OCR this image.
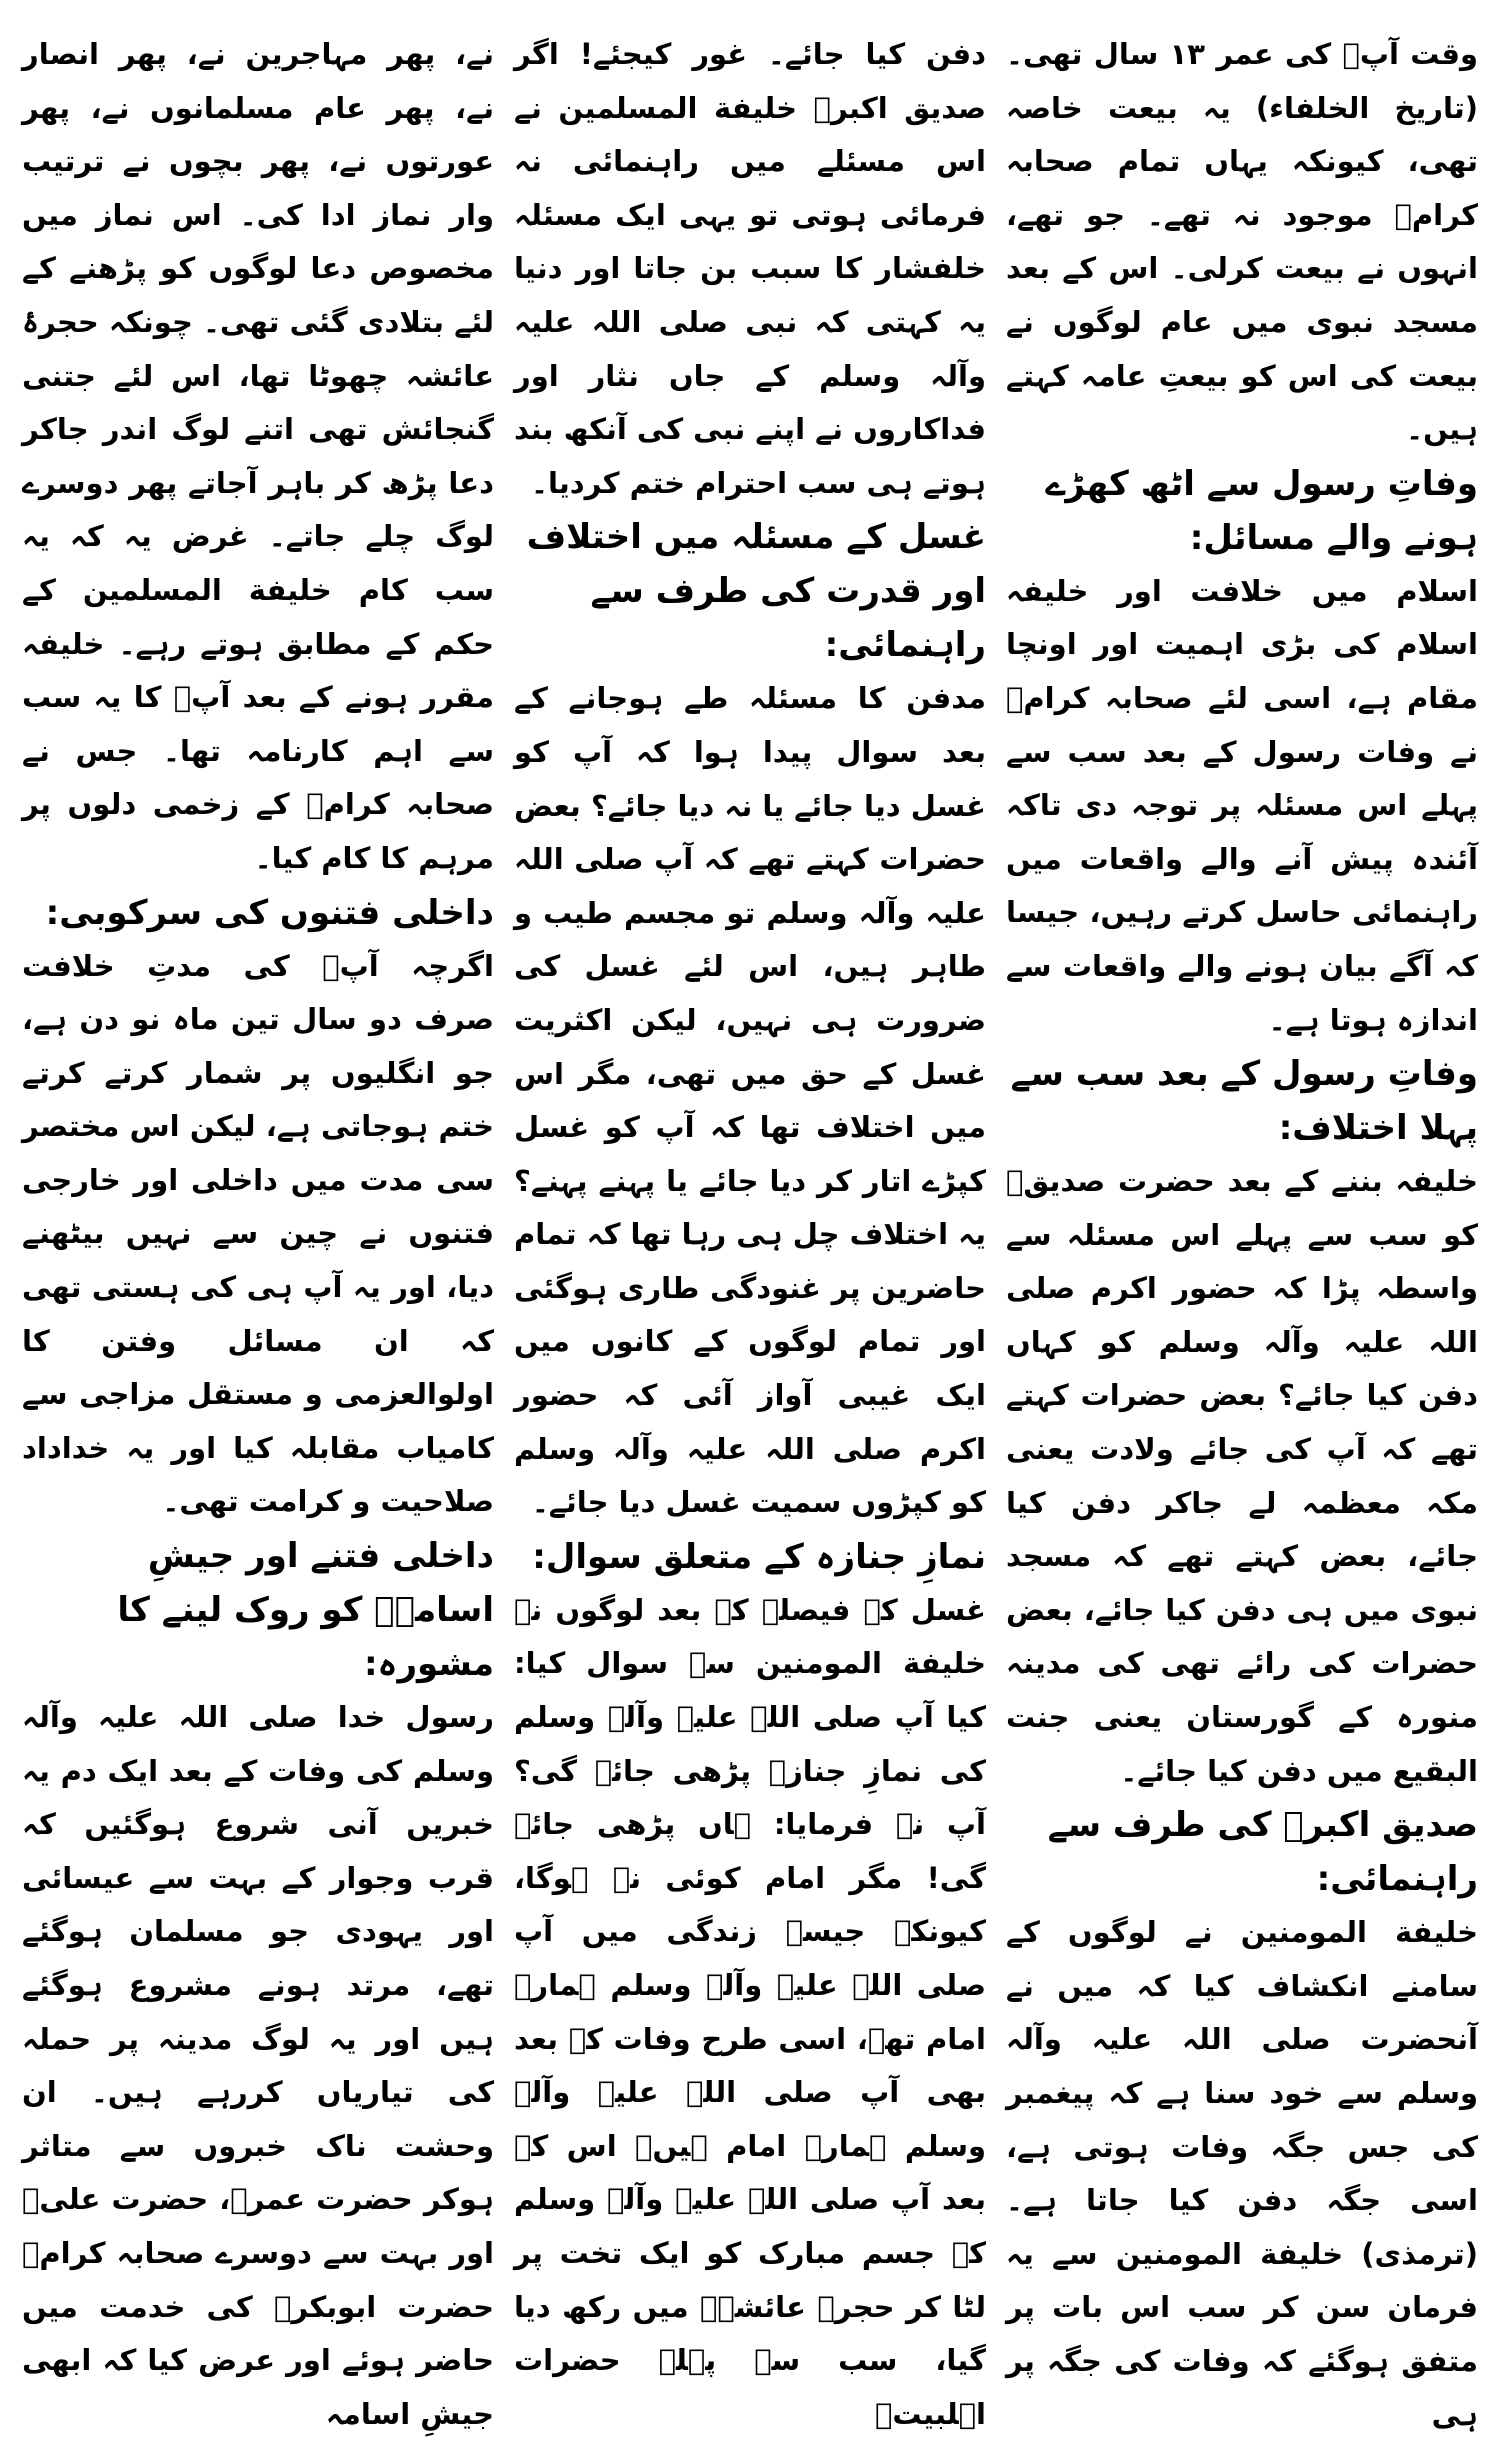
وقت آپؓ کی عمر ۱۳ سال تھی۔ (تاریخ الخلفاء) یہ بیعت خاصہ تھی، کیونکہ یہاں تمام صحابہ کرامؓ موجود نہ تھے۔ جو تھے، انہوں نے بیعت کرلی۔ اس کے بعد مسجد نبوی میں عام لوگوں نے بیعت کی اس کو بیعتِ عامہ کہتے ہیں۔

وفاتِ رسول سے اٹھ کھڑے ہونے والے مسائل:

اسلام میں خلافت اور خلیفہ اسلام کی بڑی اہمیت اور اونچا مقام ہے، اسی لئے صحابہ کرامؓ نے وفات رسول کے بعد سب سے پہلے اس مسئلہ پر توجہ دی تاکہ آئندہ پیش آنے والے واقعات میں راہنمائی حاسل کرتے رہیں، جیسا کہ آگے بیان ہونے والے واقعات سے اندازہ ہوتا ہے۔

وفاتِ رسول کے بعد سب سے پہلا اختلاف:

خلیفہ بننے کے بعد حضرت صدیقؓ کو سب سے پہلے اس مسئلہ سے واسطہ پڑا کہ حضور اکرم صلی اللہ علیہ وآلہ وسلم کو کہاں دفن کیا جائے؟ بعض حضرات کہتے تھے کہ آپ کی جائے ولادت یعنی مکہ معظمہ لے جاکر دفن کیا جائے، بعض کہتے تھے کہ مسجد نبوی میں ہی دفن کیا جائے، بعض حضرات کی رائے تھی کی مدینہ منورہ کے گورستان یعنی جنت البقیع میں دفن کیا جائے۔

صدیق اکبرؓ کی طرف سے راہنمائی:

خلیفة المومنین نے لوگوں کے سامنے انکشاف کیا کہ میں نے آنحضرت صلی اللہ علیہ وآلہ وسلم سے خود سنا ہے کہ پیغمبر کی جس جگہ وفات ہوتی ہے، اسی جگہ دفن کیا جاتا ہے۔ (ترمذی) خلیفة المومنین سے یہ فرمان سن کر سب اس بات پر متفق ہوگئے کہ وفات کی جگہ پر ہی

دفن کیا جائے۔ غور کیجئے! اگر صدیق اکبرؓ خلیفة المسلمین نے اس مسئلے میں راہنمائی نہ فرمائی ہوتی تو یہی ایک مسئلہ خلفشار کا سبب بن جاتا اور دنیا یہ کہتی کہ نبی صلی اللہ علیہ وآلہ وسلم کے جاں نثار اور فداکاروں نے اپنے نبی کی آنکھ بند ہوتے ہی سب احترام ختم کردیا۔

غسل کے مسئلہ میں اختلاف اور قدرت کی طرف سے راہنمائی:

مدفن کا مسئلہ طے ہوجانے کے بعد سوال پیدا ہوا کہ آپ کو غسل دیا جائے یا نہ دیا جائے؟ بعض حضرات کہتے تھے کہ آپ صلی اللہ علیہ وآلہ وسلم تو مجسم طیب و طاہر ہیں، اس لئے غسل کی ضرورت ہی نہیں، لیکن اکثریت غسل کے حق میں تھی، مگر اس میں اختلاف تھا کہ آپ کو غسل کپڑے اتار کر دیا جائے یا پہنے پہنے؟ یہ اختلاف چل ہی رہا تھا کہ تمام حاضرین پر غنودگی طاری ہوگئی اور تمام لوگوں کے کانوں میں ایک غیبی آواز آئی کہ حضور اکرم صلی اللہ علیہ وآلہ وسلم کو کپڑوں سمیت غسل دیا جائے۔

نمازِ جنازہ کے متعلق سوال:

غسل کے فیصلہ کے بعد لوگوں نے خلیفة المومنین سے سوال کیا: کیا آپ صلی اللہ علیہ وآلہ وسلم کی نمازِ جنازہ پڑھی جائے گی؟ آپ نے فرمایا: ہاں پڑھی جائے گی! مگر امام کوئی نہ ہوگا، کیونکہ جیسے زندگی میں آپ صلی اللہ علیہ وآلہ وسلم ہمارے امام تھے، اسی طرح وفات کے بعد بھی آپ صلی اللہ علیہ وآلہ وسلم ہمارے امام ہیں۔ اس کے بعد آپ صلی اللہ علیہ وآلہ وسلم کے جسم مبارک کو ایک تخت پر لٹا کر حجرۂ عائشہؓ میں رکھ دیا گیا، سب سے پہلے حضرات اہلبیتؓ

نے، پھر مہاجرین نے، پھر انصار نے، پھر عام مسلمانوں نے، پھر عورتوں نے، پھر بچوں نے ترتیب وار نماز ادا کی۔ اس نماز میں مخصوص دعا لوگوں کو پڑھنے کے لئے بتلادی گئی تھی۔ چونکہ حجرۂ عائشہ چھوٹا تھا، اس لئے جتنی گنجائش تھی اتنے لوگ اندر جاکر دعا پڑھ کر باہر آجاتے پھر دوسرے لوگ چلے جاتے۔ غرض یہ کہ یہ سب کام خلیفة المسلمین کے حکم کے مطابق ہوتے رہے۔ خلیفہ مقرر ہونے کے بعد آپؓ کا یہ سب سے اہم کارنامہ تھا۔ جس نے صحابہ کرامؓ کے زخمی دلوں پر مرہم کا کام کیا۔

داخلی فتنوں کی سرکوبی:

اگرچہ آپؓ کی مدتِ خلافت صرف دو سال تین ماہ نو دن ہے، جو انگلیوں پر شمار کرتے کرتے ختم ہوجاتی ہے، لیکن اس مختصر سی مدت میں داخلی اور خارجی فتنوں نے چین سے نہیں بیٹھنے دیا، اور یہ آپ ہی کی ہستی تھی کہ ان مسائل وفتن کا اولوالعزمی و مستقل مزاجی سے کامیاب مقابلہ کیا اور یہ خداداد صلاحیت و کرامت تھی۔

داخلی فتنے اور جیشِ اسامہؓ کو روک لینے کا مشورہ:

رسول خدا صلی اللہ علیہ وآلہ وسلم کی وفات کے بعد ایک دم یہ خبریں آنی شروع ہوگئیں کہ قرب وجوار کے بہت سے عیسائی اور یہودی جو مسلمان ہوگئے تھے، مرتد ہونے مشروع ہوگئے ہیں اور یہ لوگ مدینہ پر حملہ کی تیاریاں کررہے ہیں۔ ان وحشت ناک خبروں سے متاثر ہوکر حضرت عمرؓ، حضرت علیؓ اور بہت سے دوسرے صحابہ کرامؓ حضرت ابوبکرؓ کی خدمت میں حاضر ہوئے اور عرض کیا کہ ابھی جیشِ اسامہ
